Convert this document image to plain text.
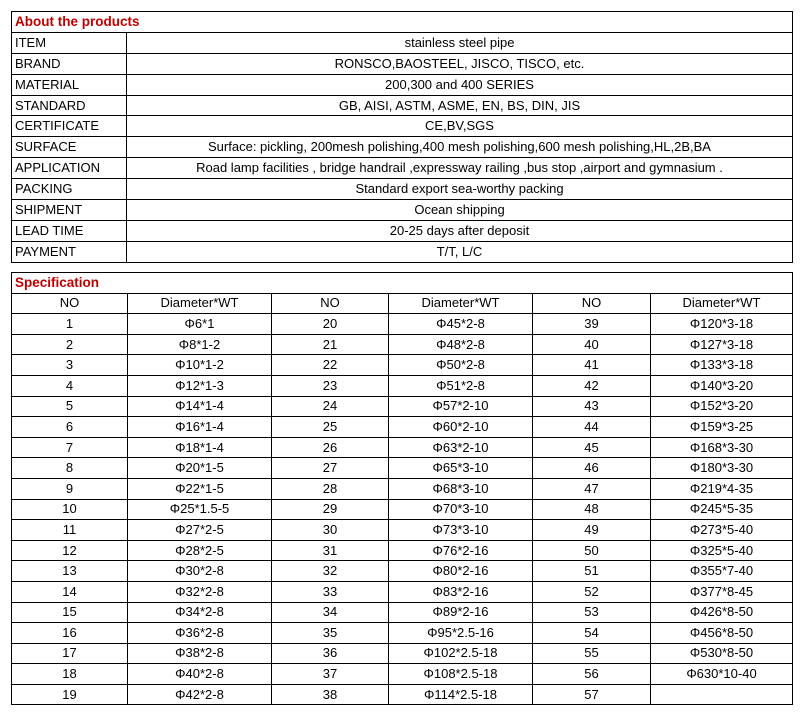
About the products	
ITEM	stainless steel pipe
BRAND	RONSCO,BAOSTEEL, JISCO, TISCO, etc.
MATERIAL	200,300 and 400 SERIES
STANDARD	GB, AISI, ASTM, ASME, EN, BS, DIN, JIS
CERTIFICATE	CE,BV,SGS
SURFACE	Surface: pickling, 200mesh polishing,400 mesh polishing,600 mesh polishing,HL,2B,BA
APPLICATION	Road lamp facilities , bridge handrail ,expressway railing ,bus stop ,airport and gymnasium .
PACKING	Standard export sea-worthy packing
SHIPMENT	Ocean shipping
LEAD TIME	20-25 days after deposit
PAYMENT	T/T, L/C
Specification					
NO	Diameter*WT	NO	Diameter*WT	NO	Diameter*WT
1	Φ6*1	20	Φ45*2-8	39	Φ120*3-18
2	Φ8*1-2	21	Φ48*2-8	40	Φ127*3-18
3	Φ10*1-2	22	Φ50*2-8	41	Φ133*3-18
4	Φ12*1-3	23	Φ51*2-8	42	Φ140*3-20
5	Φ14*1-4	24	Φ57*2-10	43	Φ152*3-20
6	Φ16*1-4	25	Φ60*2-10	44	Φ159*3-25
7	Φ18*1-4	26	Φ63*2-10	45	Φ168*3-30
8	Φ20*1-5	27	Φ65*3-10	46	Φ180*3-30
9	Φ22*1-5	28	Φ68*3-10	47	Φ219*4-35
10	Φ25*1.5-5	29	Φ70*3-10	48	Φ245*5-35
11	Φ27*2-5	30	Φ73*3-10	49	Φ273*5-40
12	Φ28*2-5	31	Φ76*2-16	50	Φ325*5-40
13	Φ30*2-8	32	Φ80*2-16	51	Φ355*7-40
14	Φ32*2-8	33	Φ83*2-16	52	Φ377*8-45
15	Φ34*2-8	34	Φ89*2-16	53	Φ426*8-50
16	Φ36*2-8	35	Φ95*2.5-16	54	Φ456*8-50
17	Φ38*2-8	36	Φ102*2.5-18	55	Φ530*8-50
18	Φ40*2-8	37	Φ108*2.5-18	56	Φ630*10-40
19	Φ42*2-8	38	Φ114*2.5-18	57	
